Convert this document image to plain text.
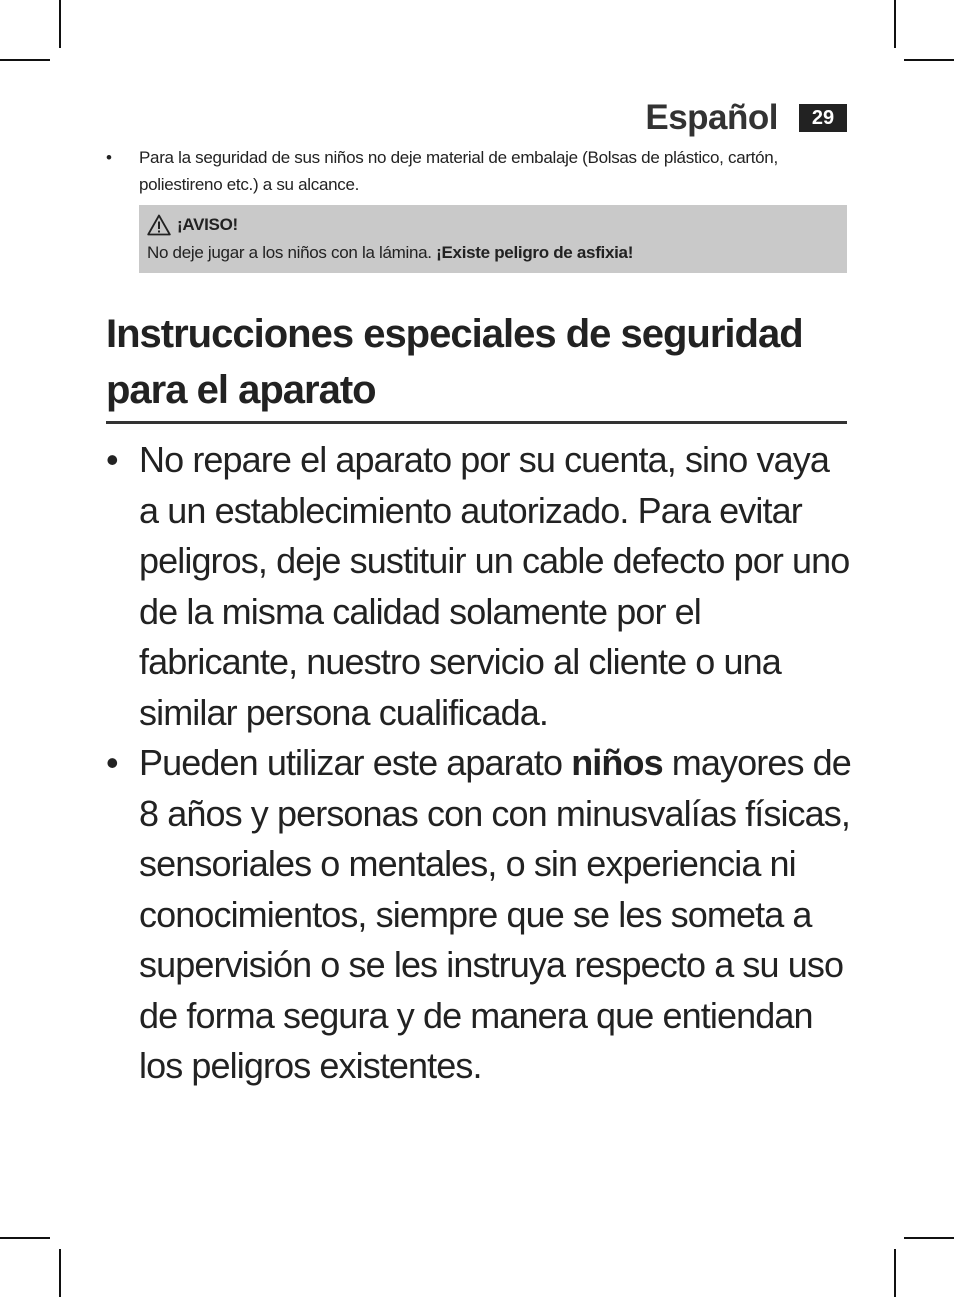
Español	29
• Para la seguridad de sus niños no deje material de embalaje (Bolsas de plástico, cartón, poliestireno etc.) a su alcance.
¡AVISO!
No deje jugar a los niños con la lámina. ¡Existe peligro de asfixia!
Instrucciones especiales de seguridad para el aparato
• No repare el aparato por su cuenta, sino vaya a un establecimiento autorizado. Para evitar peligros, deje sustituir un cable defecto por uno de la misma calidad solamente por el fabricante, nuestro servicio al cliente o una similar persona cualificada.
• Pueden utilizar este aparato niños mayores de 8 años y personas con con minusvalías físicas, sensoriales o mentales, o sin experiencia ni conocimientos, siempre que se les someta a supervisión o se les instruya respecto a su uso de forma segura y de manera que entiendan los peligros existentes.
